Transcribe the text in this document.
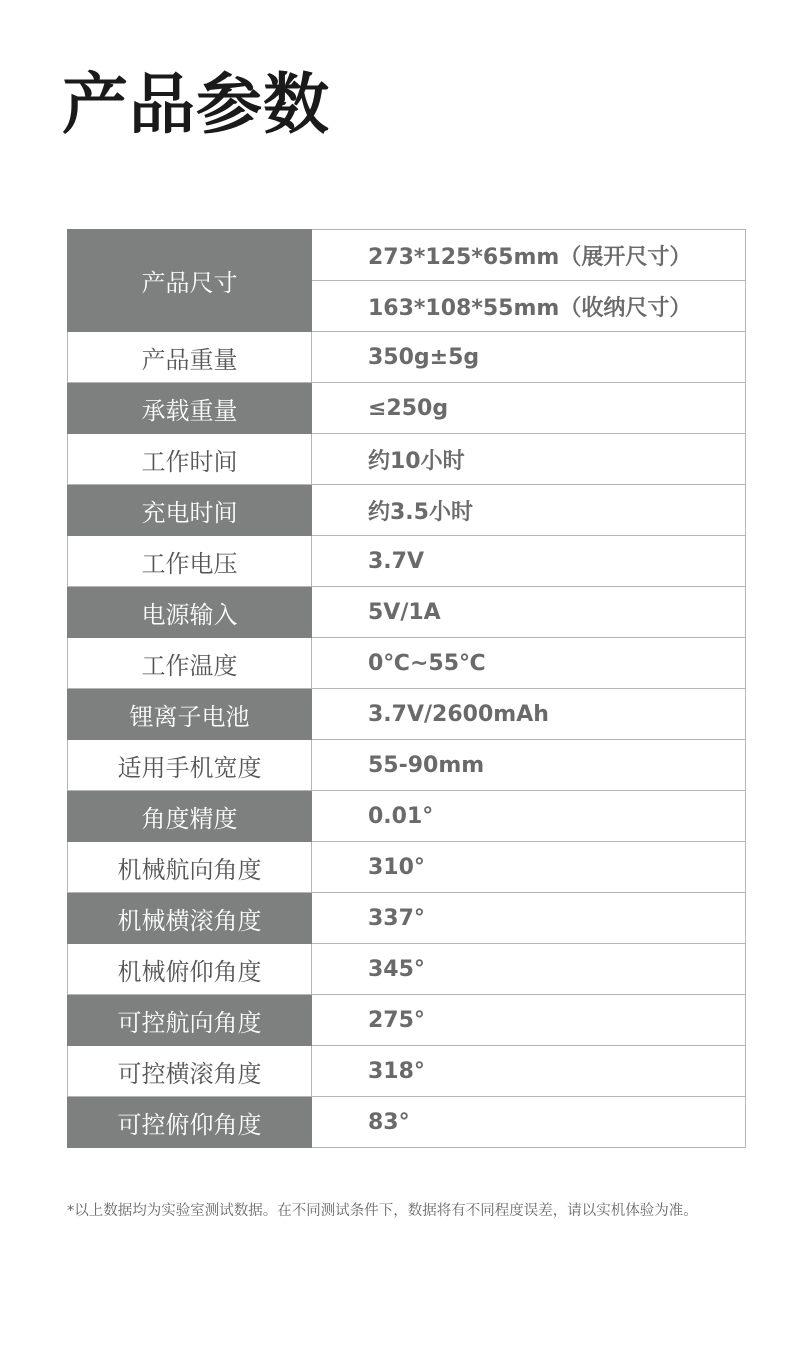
产品参数
产品尺寸	273*125*65mm（展开尺寸）
	163*108*55mm（收纳尺寸）
产品重量	350g±5g
承载重量	≤250g
工作时间	约10小时
充电时间	约3.5小时
工作电压	3.7V
电源输入	5V/1A
工作温度	0℃~55℃
锂离子电池	3.7V/2600mAh
适用手机宽度	55-90mm
角度精度	0.01°
机械航向角度	310°
机械横滚角度	337°
机械俯仰角度	345°
可控航向角度	275°
可控横滚角度	318°
可控俯仰角度	83°

*以上数据均为实验室测试数据。在不同测试条件下，数据将有不同程度误差，请以实机体验为准。
